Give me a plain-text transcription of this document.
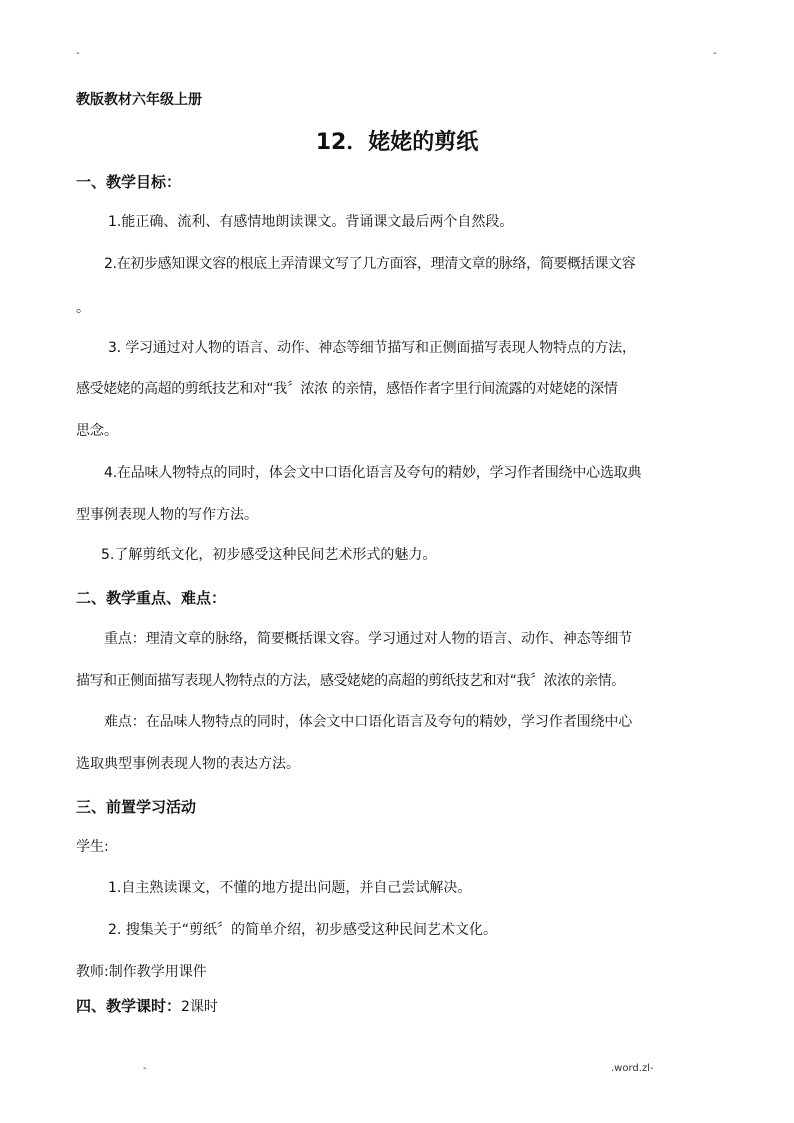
-	-
教版教材六年级上册
12．姥姥的剪纸
一、教学目标：
1.能正确、流利、有感情地朗读课文。背诵课文最后两个自然段。
2.在初步感知课文容的根底上弄清课文写了几方面容，理清文章的脉络，简要概括课文容
。
3. 学习通过对人物的语言、动作、神态等细节描写和正侧面描写表现人物特点的方法，
感受姥姥的高超的剪纸技艺和对“我〞浓浓 的亲情，感悟作者字里行间流露的对姥姥的深情
思念。
4.在品味人物特点的同时，体会文中口语化语言及夸句的精妙，学习作者围绕中心选取典
型事例表现人物的写作方法。
5.了解剪纸文化，初步感受这种民间艺术形式的魅力。
二、教学重点、难点：
重点：理清文章的脉络，简要概括课文容。学习通过对人物的语言、动作、神态等细节
描写和正侧面描写表现人物特点的方法，感受姥姥的高超的剪纸技艺和对“我〞浓浓的亲情。
难点：在品味人物特点的同时，体会文中口语化语言及夸句的精妙，学习作者围绕中心
选取典型事例表现人物的表达方法。
三、前置学习活动
学生:
1.自主熟读课文，不懂的地方提出问题，并自己尝试解决。
2. 搜集关于“剪纸〞的简单介绍，初步感受这种民间艺术文化。
教师:制作教学用课件
四、教学课时：2课时
-	.word.zl-
